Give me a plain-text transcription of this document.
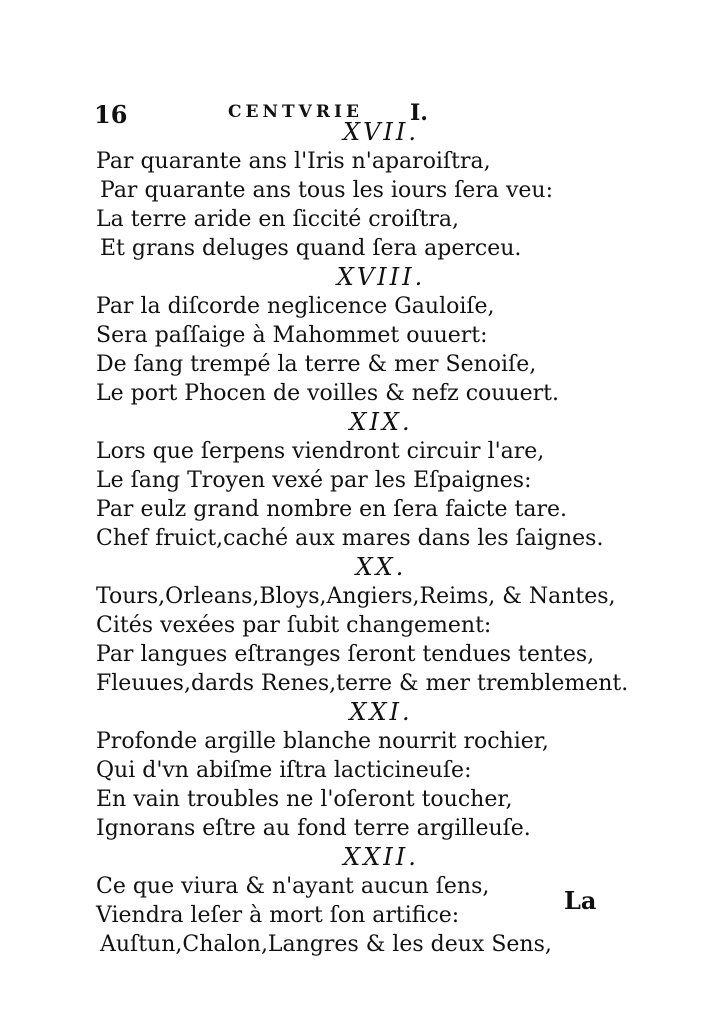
16	CENTVRIE I.
XVII.
Par quarante ans l'Iris n'aparoiſtra,
Par quarante ans tous les iours ſera veu:
La terre aride en ſiccité croiſtra,
Et grans deluges quand ſera aperceu.
XVIII.
Par la diſcorde neglicence Gauloiſe,
Sera paſſaige à Mahommet ouuert:
De ſang trempé la terre & mer Senoiſe,
Le port Phocen de voilles & nefz couuert.
XIX.
Lors que ſerpens viendront circuir l'are,
Le ſang Troyen vexé par les Eſpaignes:
Par eulz grand nombre en ſera faicte tare.
Chef fruict,caché aux mares dans les ſaignes.
XX.
Tours,Orleans,Bloys,Angiers,Reims, & Nantes,
Cités vexées par ſubit changement:
Par langues eſtranges ſeront tendues tentes,
Fleuues,dards Renes,terre & mer tremblement.
XXI.
Profonde argille blanche nourrit rochier,
Qui d'vn abiſme iſtra lacticineuſe:
En vain troubles ne l'oſeront toucher,
Ignorans eſtre au fond terre argilleuſe.
XXII.
Ce que viura & n'ayant aucun ſens,
Viendra leſer à mort ſon artifice:
Auſtun,Chalon,Langres & les deux Sens,
La
